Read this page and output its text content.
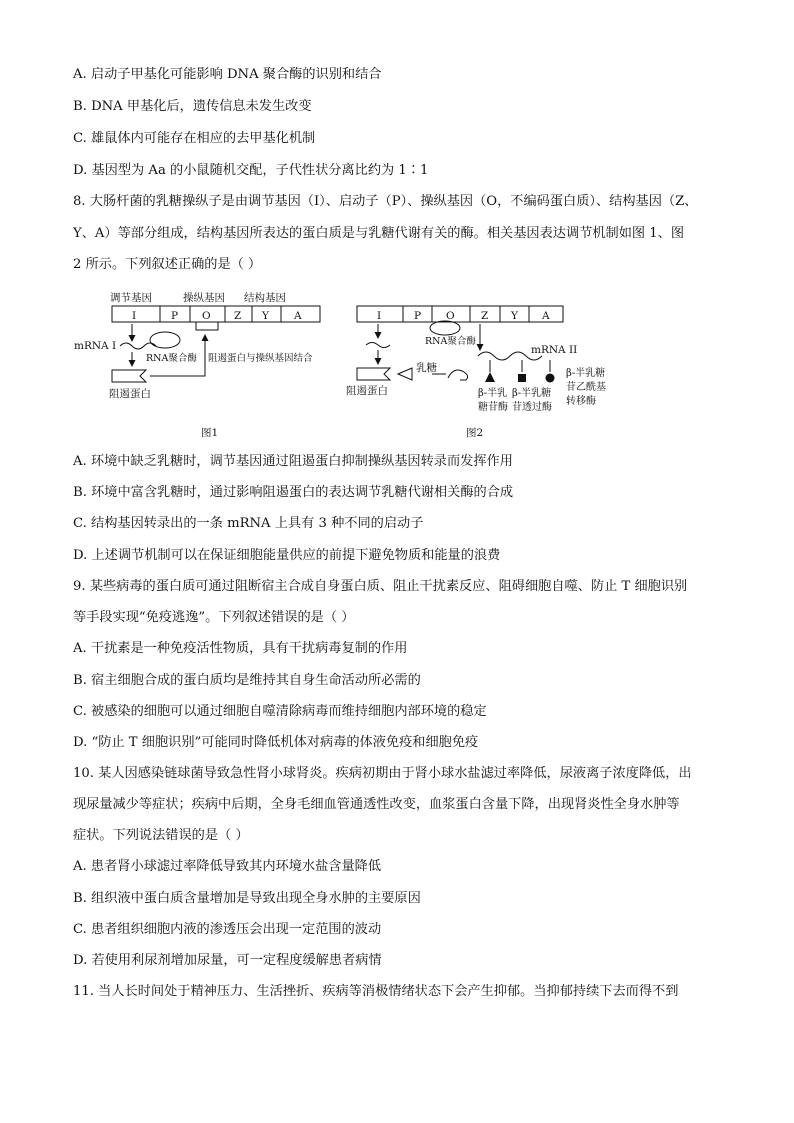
A. 启动子甲基化可能影响 DNA 聚合酶的识别和结合
B. DNA 甲基化后，遗传信息未发生改变
C. 雄鼠体内可能存在相应的去甲基化机制
D. 基因型为 Aa 的小鼠随机交配，子代性状分离比约为 1∶1
8. 大肠杆菌的乳糖操纵子是由调节基因（I）、启动子（P）、操纵基因（O，不编码蛋白质）、结构基因（Z、
Y、A）等部分组成，结构基因所表达的蛋白质是与乳糖代谢有关的酶。相关基因表达调节机制如图 1、图
2 所示。下列叙述正确的是（ ）
调节基因	操纵基因 结构基因
I	P O Z Y A
mRNA I
RNA聚合酶
阻遏蛋白
阻遏蛋白与操纵基因结合
图1
I	P O	Z Y A
RNA聚合酶
阻遏蛋白
乳糖
mRNA II
β-半乳
糖苷酶
β-半乳糖
苷透过酶
β-半乳糖
苷乙酰基
转移酶
图2
A. 环境中缺乏乳糖时，调节基因通过阻遏蛋白抑制操纵基因转录而发挥作用
B. 环境中富含乳糖时，通过影响阻遏蛋白的表达调节乳糖代谢相关酶的合成
C. 结构基因转录出的一条 mRNA 上具有 3 种不同的启动子
D. 上述调节机制可以在保证细胞能量供应的前提下避免物质和能量的浪费
9. 某些病毒的蛋白质可通过阻断宿主合成自身蛋白质、阻止干扰素反应、阻碍细胞自噬、防止 T 细胞识别
等手段实现“免疫逃逸”。下列叙述错误的是（ ）
A. 干扰素是一种免疫活性物质，具有干扰病毒复制的作用
B. 宿主细胞合成的蛋白质均是维持其自身生命活动所必需的
C. 被感染的细胞可以通过细胞自噬清除病毒而维持细胞内部环境的稳定
D. “防止 T 细胞识别”可能同时降低机体对病毒的体液免疫和细胞免疫
10. 某人因感染链球菌导致急性肾小球肾炎。疾病初期由于肾小球水盐滤过率降低，尿液离子浓度降低，出
现尿量减少等症状；疾病中后期，全身毛细血管通透性改变，血浆蛋白含量下降，出现肾炎性全身水肿等
症状。下列说法错误的是（ ）
A. 患者肾小球滤过率降低导致其内环境水盐含量降低
B. 组织液中蛋白质含量增加是导致出现全身水肿的主要原因
C. 患者组织细胞内液的渗透压会出现一定范围的波动
D. 若使用利尿剂增加尿量，可一定程度缓解患者病情
11. 当人长时间处于精神压力、生活挫折、疾病等消极情绪状态下会产生抑郁。当抑郁持续下去而得不到
